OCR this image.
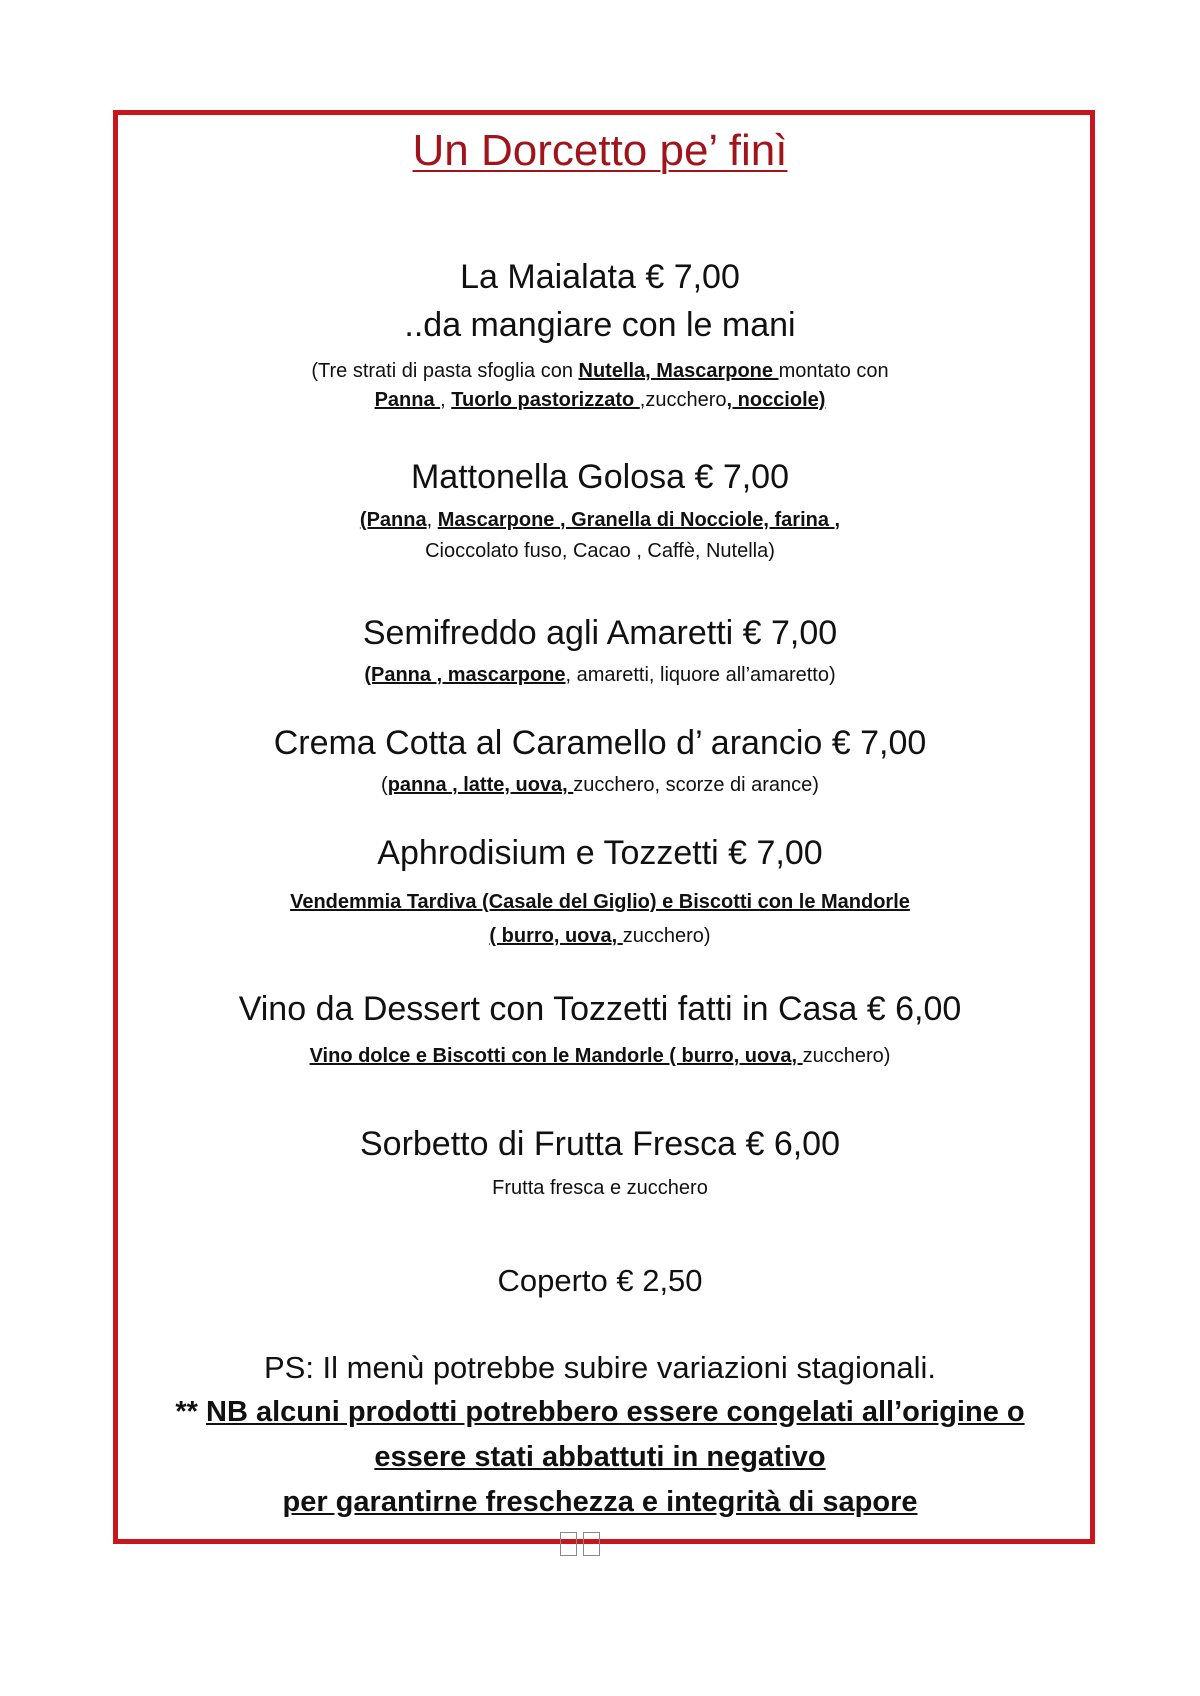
Un Dorcetto pe’ finì
La Maialata € 7,00
..da mangiare con le mani
(Tre strati di pasta sfoglia con Nutella, Mascarpone montato con
Panna , Tuorlo pastorizzato ,zucchero, nocciole)
Mattonella Golosa € 7,00
(Panna, Mascarpone , Granella di Nocciole, farina ,
Cioccolato fuso, Cacao , Caffè, Nutella)
Semifreddo agli Amaretti € 7,00
(Panna , mascarpone, amaretti, liquore all’amaretto)
Crema Cotta al Caramello d’ arancio € 7,00
(panna , latte, uova, zucchero, scorze di arance)
Aphrodisium e Tozzetti € 7,00
Vendemmia Tardiva (Casale del Giglio) e Biscotti con le Mandorle
( burro, uova, zucchero)
Vino da Dessert con Tozzetti fatti in Casa € 6,00
Vino dolce e Biscotti con le Mandorle ( burro, uova, zucchero)
Sorbetto di Frutta Fresca € 6,00
Frutta fresca e zucchero
Coperto € 2,50
PS: Il menù potrebbe subire variazioni stagionali.
** NB alcuni prodotti potrebbero essere congelati all’origine o
essere stati abbattuti in negativo
per garantirne freschezza e integrità di sapore
